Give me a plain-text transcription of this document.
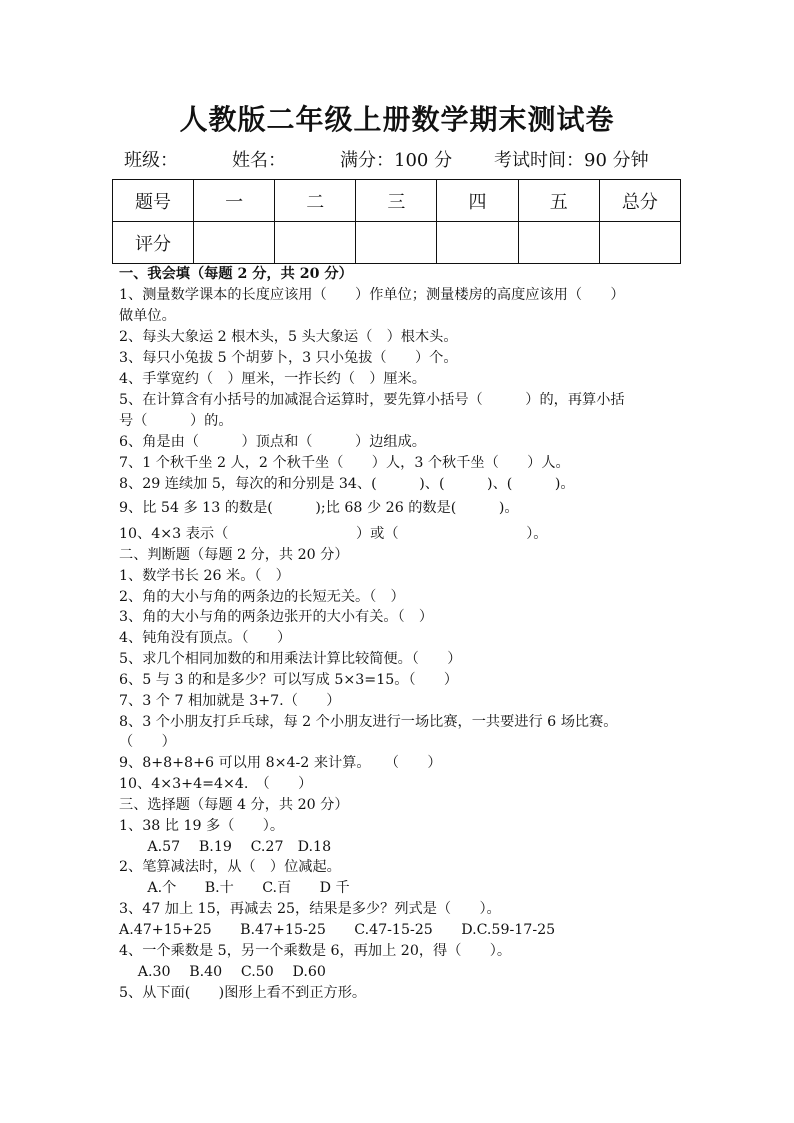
人教版二年级上册数学期末测试卷
班级：	姓名：	满分：100 分 考试时间：90 分钟
题号	一	二	三	四	五	总分
评分						
一、我会填（每题 2 分，共 20 分）
1、测量数学课本的长度应该用（　　）作单位；测量楼房的高度应该用（　　）
做单位。
2、每头大象运 2 根木头，5 头大象运（　）根木头。
3、每只小兔拔 5 个胡萝卜，3 只小兔拔（　　）个。
4、手掌宽约（　）厘米，一拃长约（　）厘米。
5、在计算含有小括号的加减混合运算时，要先算小括号（　　　）的，再算小括
号（　　　）的。
6、角是由（　　　）顶点和（　　　）边组成。
7、1 个秋千坐 2 人，2 个秋千坐（　　）人，3 个秋千坐（　　）人。
8、29 连续加 5，每次的和分别是 34、(　　　)、(　　　)、(　　　)。
9、比 54 多 13 的数是(　　　);比 68 少 26 的数是(　　　)。
10、4×3 表示（　　　　　　　　　）或（　　　　　　　　　）。
二、判断题（每题 2 分，共 20 分）
1、数学书长 26 米。（　）
2、角的大小与角的两条边的长短无关。（　）
3、角的大小与角的两条边张开的大小有关。（　）
4、钝角没有顶点。（　　）
5、求几个相同加数的和用乘法计算比较简便。（　　）
6、5 与 3 的和是多少？可以写成 5×3=15。（　　）
7、3 个 7 相加就是 3+7.（　　）
8、3 个小朋友打乒乓球，每 2 个小朋友进行一场比赛，一共要进行 6 场比赛。
（　　）
9、8+8+8+6 可以用 8×4-2 来计算。　　（　　）
10、4×3+4=4×4.　（　　）
三、选择题（每题 4 分，共 20 分）
1、38 比 19 多（　　）。
　　A.57　 B.19　 C.27　D.18
2、笔算减法时，从（　）位减起。
　　A.个　　B.十　　C.百　　D 千
3、47 加上 15，再减去 25，结果是多少？列式是（　　）。
A.47+15+25　　B.47+15-25　　C.47-15-25　　D.C.59-17-25
4、一个乘数是 5，另一个乘数是 6，再加上 20，得（　　）。
　 A.30　 B.40　 C.50　 D.60
5、从下面(　　)图形上看不到正方形。
